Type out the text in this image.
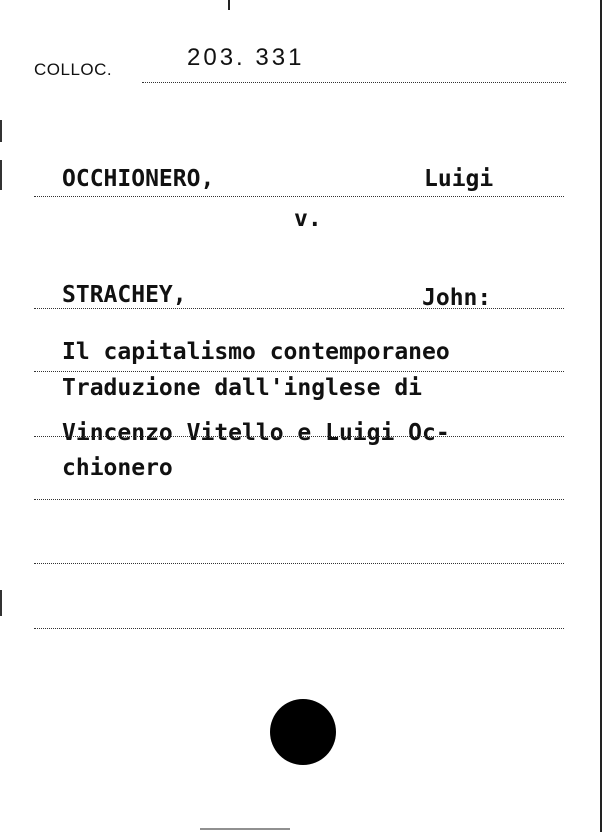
COLLOC.	203. 331
OCCHIONERO,	Luigi
v.
STRACHEY,	John:
Il capitalismo contemporaneo
Traduzione dall'inglese di
Vincenzo Vitello e Luigi Oc-
chionero
